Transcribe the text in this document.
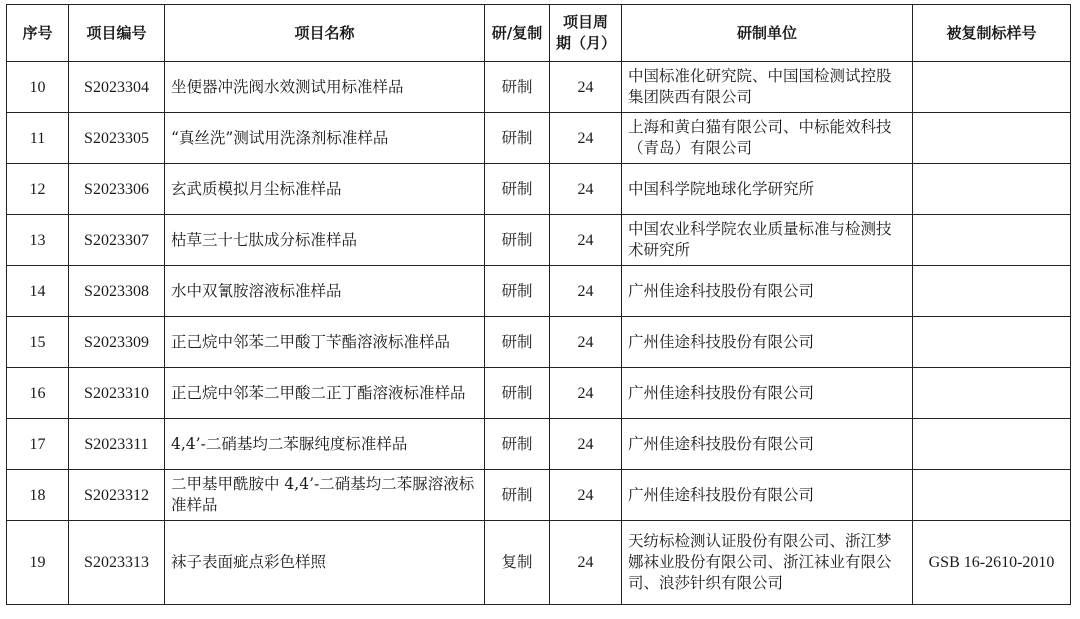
序号	项目编号	项目名称	研/复制	项目周期（月）	研制单位	被复制标样号
10	S2023304	坐便器冲洗阀水效测试用标准样品	研制	24	中国标准化研究院、中国国检测试控股集团陕西有限公司	
11	S2023305	“真丝洗”测试用洗涤剂标准样品	研制	24	上海和黄白猫有限公司、中标能效科技（青岛）有限公司	
12	S2023306	玄武质模拟月尘标准样品	研制	24	中国科学院地球化学研究所	
13	S2023307	枯草三十七肽成分标准样品	研制	24	中国农业科学院农业质量标准与检测技术研究所	
14	S2023308	水中双氰胺溶液标准样品	研制	24	广州佳途科技股份有限公司	
15	S2023309	正己烷中邻苯二甲酸丁苄酯溶液标准样品	研制	24	广州佳途科技股份有限公司	
16	S2023310	正己烷中邻苯二甲酸二正丁酯溶液标准样品	研制	24	广州佳途科技股份有限公司	
17	S2023311	4,4’-二硝基均二苯脲纯度标准样品	研制	24	广州佳途科技股份有限公司	
18	S2023312	二甲基甲酰胺中 4,4’-二硝基均二苯脲溶液标准样品	研制	24	广州佳途科技股份有限公司	
19	S2023313	袜子表面疵点彩色样照	复制	24	天纺标检测认证股份有限公司、浙江梦娜袜业股份有限公司、浙江袜业有限公司、浪莎针织有限公司	GSB 16-2610-2010
